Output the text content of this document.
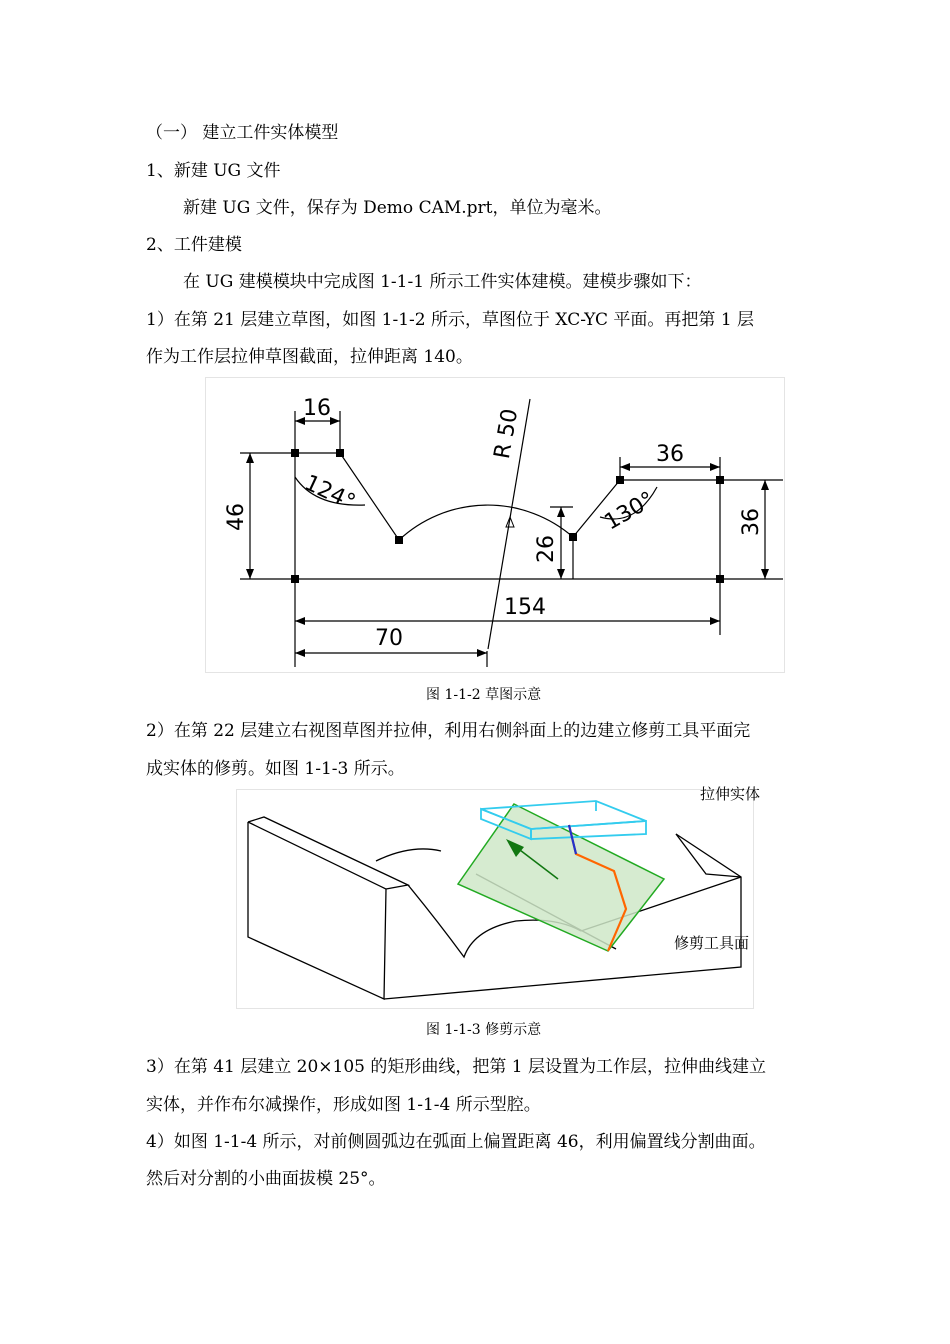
（一） 建立工件实体模型
1、新建 UG 文件
新建 UG 文件，保存为 Demo CAM.prt，单位为毫米。
2、工件建模
在 UG 建模模块中完成图 1-1-1 所示工件实体建模。建模步骤如下：
1）在第 21 层建立草图，如图 1-1-2 所示，草图位于 XC-YC 平面。再把第 1 层
作为工作层拉伸草图截面，拉伸距离 140。
16
36
154
70
46	36
26
R 50
124°	130°
图 1-1-2 草图示意
2）在第 22 层建立右视图草图并拉伸，利用右侧斜面上的边建立修剪工具平面完
成实体的修剪。如图 1-1-3 所示。
拉伸实体
修剪工具面
图 1-1-3 修剪示意
3）在第 41 层建立 20×105 的矩形曲线，把第 1 层设置为工作层，拉伸曲线建立
实体，并作布尔减操作，形成如图 1-1-4 所示型腔。
4）如图 1-1-4 所示，对前侧圆弧边在弧面上偏置距离 46，利用偏置线分割曲面。
然后对分割的小曲面拔模 25°。
